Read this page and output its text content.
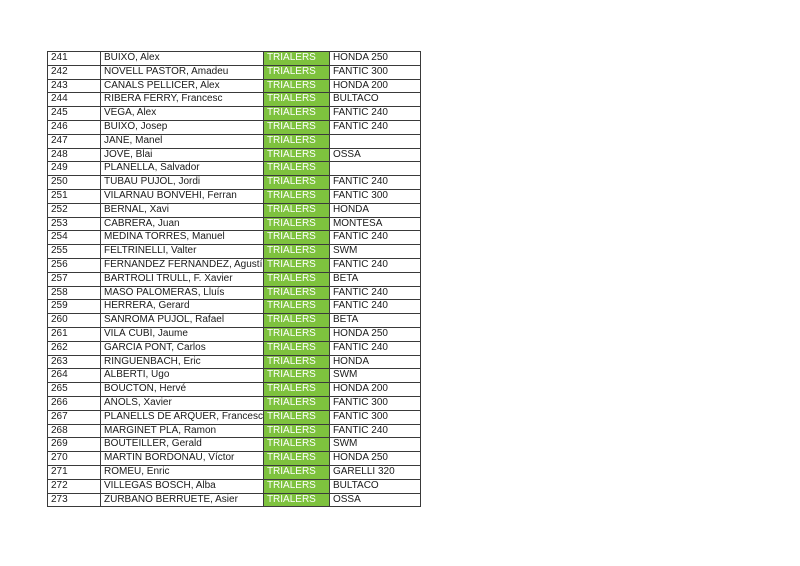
241	BUIXÓ, Alex	TRIALERS	HONDA 250
242	NOVELL PASTOR, Amadeu	TRIALERS	FANTIC 300
243	CANALS PELLICER, Alex	TRIALERS	HONDA 200
244	RIBERA FERRY, Francesc	TRIALERS	BULTACO
245	VEGA, Alex	TRIALERS	FANTIC 240
246	BUIXÓ, Josep	TRIALERS	FANTIC 240
247	JANÉ, Manel	TRIALERS	
248	JOVÉ, Blai	TRIALERS	OSSA
249	PLANELLA, Salvador	TRIALERS	
250	TUBAU PUJOL, Jordi	TRIALERS	FANTIC 240
251	VILARNAU BONVEHI, Ferran	TRIALERS	FANTIC 300
252	BERNAL, Xavi	TRIALERS	HONDA
253	CABRERA, Juan	TRIALERS	MONTESA
254	MEDINA TORRES, Manuel	TRIALERS	FANTIC 240
255	FELTRINELLI, Valter	TRIALERS	SWM
256	FERNANDEZ FERNANDEZ, Agustí	TRIALERS	FANTIC 240
257	BARTROLI TRULL, F. Xavier	TRIALERS	BETA
258	MASÓ PALOMERAS, Lluís	TRIALERS	FANTIC 240
259	HERRERA, Gerard	TRIALERS	FANTIC 240
260	SANROMÀ PUJOL, Rafael	TRIALERS	BETA
261	VILÀ CUBÍ, Jaume	TRIALERS	HONDA 250
262	GARCIA PONT, Carlos	TRIALERS	FANTIC 240
263	RINGUENBACH, Eric	TRIALERS	HONDA
264	ALBERTI, Ugo	TRIALERS	SWM
265	BOUCTON, Hervé	TRIALERS	HONDA 200
266	AÑOLS, Xavier	TRIALERS	FANTIC 300
267	PLANELLS DE ARQUER, Francesc	TRIALERS	FANTIC 300
268	MARGINET PLÀ, Ramon	TRIALERS	FANTIC 240
269	BOUTEILLER, Gerald	TRIALERS	SWM
270	MARTIN BORDONAU, Víctor	TRIALERS	HONDA 250
271	ROMEU, Enric	TRIALERS	GARELLI 320
272	VILLEGAS BOSCH, Alba	TRIALERS	BULTACO
273	ZURBANO BERRUETE, Asier	TRIALERS	OSSA
